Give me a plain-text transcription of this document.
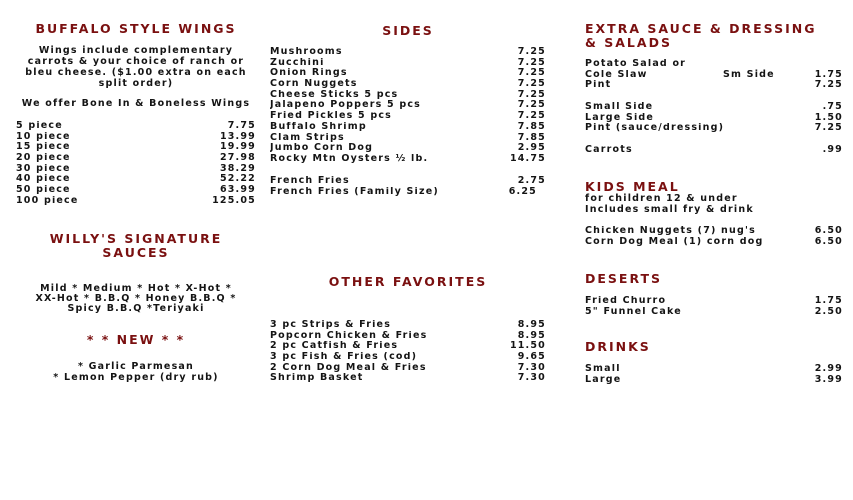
BUFFALO STYLE WINGS
Wings include complementary
carrots & your choice of ranch or
bleu cheese. ($1.00 extra on each
split order)
We offer Bone In & Boneless Wings
5 piece	7.75
10 piece	13.99
15 piece	19.99
20 piece	27.98
30 piece	38.29
40 piece	52.22
50 piece	63.99
100 piece	125.05
WILLY'S SIGNATURE
SAUCES
Mild * Medium * Hot * X-Hot *
XX-Hot * B.B.Q * Honey B.B.Q *
Spicy B.B.Q *Teriyaki
* * NEW * *
* Garlic Parmesan
* Lemon Pepper (dry rub)
SIDES
Mushrooms	7.25
Zucchini	7.25
Onion Rings	7.25
Corn Nuggets	7.25
Cheese Sticks 5 pcs	7.25
Jalapeno Poppers 5 pcs	7.25
Fried Pickles 5 pcs	7.25
Buffalo Shrimp	7.85
Clam Strips	7.85
Jumbo Corn Dog	2.95
Rocky Mtn Oysters ½ lb.	14.75
French Fries	2.75
French Fries (Family Size)	6.25
OTHER FAVORITES
3 pc Strips & Fries	8.95
Popcorn Chicken & Fries	8.95
2 pc Catfish & Fries	11.50
3 pc Fish & Fries (cod)	9.65
2 Corn Dog Meal & Fries	7.30
Shrimp Basket	7.30
EXTRA SAUCE & DRESSING
& SALADS
Potato Salad or
Cole Slaw	Sm Side	1.75
Pint	7.25
Small Side	.75
Large Side	1.50
Pint (sauce/dressing)	7.25
Carrots	.99
KIDS MEAL
for children 12 & under
Includes small fry & drink
Chicken Nuggets (7) nug's	6.50
Corn Dog Meal (1) corn dog	6.50
DESERTS
Fried Churro	1.75
5" Funnel Cake	2.50
DRINKS
Small	2.99
Large	3.99
